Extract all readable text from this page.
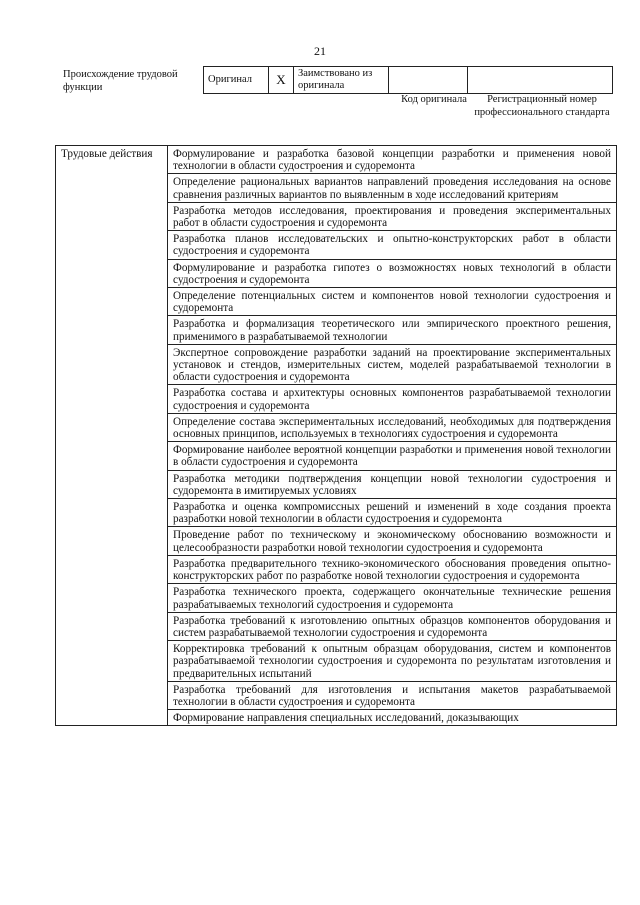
21
Происхождение трудовой функции
Оригинал	X	Заимствовано из оригинала		
Код оригинала	Регистрационный номер профессионального стандарта
Трудовые действия	Формулирование и разработка базовой концепции разработки и применения новой технологии в области судостроения и судоремонта
Определение рациональных вариантов направлений проведения исследования на основе сравнения различных вариантов по выявленным в ходе исследований критериям
Разработка методов исследования, проектирования и проведения экспериментальных работ в области судостроения и судоремонта
Разработка планов исследовательских и опытно-конструкторских работ в области судостроения и судоремонта
Формулирование и разработка гипотез о возможностях новых технологий в области судостроения и судоремонта
Определение потенциальных систем и компонентов новой технологии судостроения и судоремонта
Разработка и формализация теоретического или эмпирического проектного решения, применимого в разрабатываемой технологии
Экспертное сопровождение разработки заданий на проектирование экспериментальных установок и стендов, измерительных систем, моделей разрабатываемой технологии в области судостроения и судоремонта
Разработка состава и архитектуры основных компонентов разрабатываемой технологии судостроения и судоремонта
Определение состава экспериментальных исследований, необходимых для подтверждения основных принципов, используемых в технологиях судостроения и судоремонта
Формирование наиболее вероятной концепции разработки и применения новой технологии в области судостроения и судоремонта
Разработка методики подтверждения концепции новой технологии судостроения и судоремонта в имитируемых условиях
Разработка и оценка компромиссных решений и изменений в ходе создания проекта разработки новой технологии в области судостроения и судоремонта
Проведение работ по техническому и экономическому обоснованию возможности и целесообразности разработки новой технологии судостроения и судоремонта
Разработка предварительного технико-экономического обоснования проведения опытно-конструкторских работ по разработке новой технологии судостроения и судоремонта
Разработка технического проекта, содержащего окончательные технические решения разрабатываемых технологий судостроения и судоремонта
Разработка требований к изготовлению опытных образцов компонентов оборудования и систем разрабатываемой технологии судостроения и судоремонта
Корректировка требований к опытным образцам оборудования, систем и компонентов разрабатываемой технологии судостроения и судоремонта по результатам изготовления и предварительных испытаний
Разработка требований для изготовления и испытания макетов разрабатываемой технологии в области судостроения и судоремонта
Формирование направления специальных исследований, доказывающих
